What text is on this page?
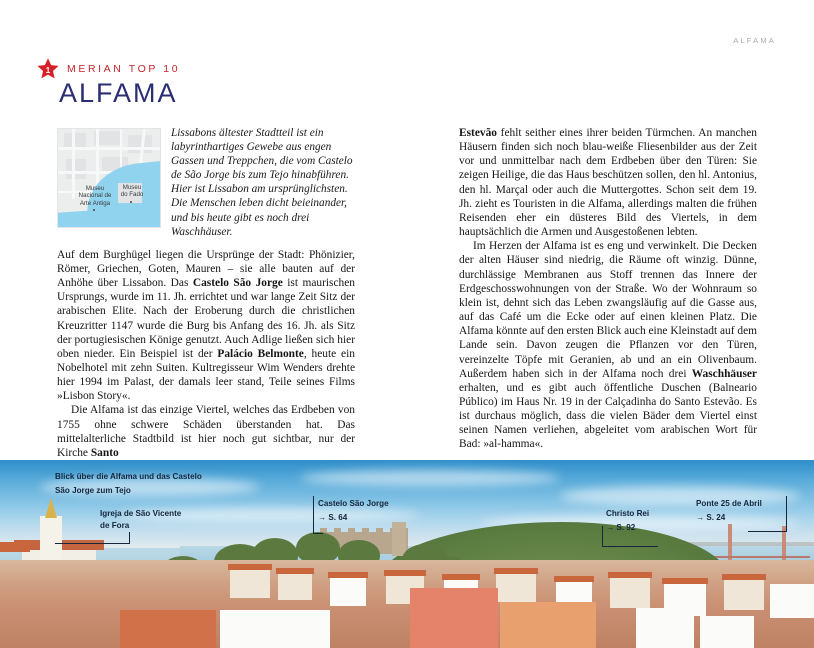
ALFAMA
1	MERIAN TOP 10
ALFAMA
Museu
Nacional de
Arte Antiga
Museu
do Fado

Lissabons ältester Stadtteil ist ein labyrinthartiges Gewebe aus engen Gassen und Treppchen, die vom Castelo de São Jorge bis zum Tejo hinabführen. Hier ist Lissabon am ursprünglichsten. Die Menschen leben dicht beieinander, und bis heute gibt es noch drei Waschhäuser.

Auf dem Burghügel liegen die Ursprünge der Stadt: Phönizier, Römer, Griechen, Goten, Mauren – sie alle bauten auf der Anhöhe über Lissabon. Das Castelo São Jorge ist maurischen Ursprungs, wurde im 11. Jh. errichtet und war lange Zeit Sitz der arabischen Elite. Nach der Eroberung durch die christlichen Kreuzritter 1147 wurde die Burg bis Anfang des 16. Jh. als Sitz der portugiesischen Könige genutzt. Auch Adlige ließen sich hier oben nieder. Ein Beispiel ist der Palácio Belmonte, heute ein Nobelhotel mit zehn Suiten. Kultregisseur Wim Wenders drehte hier 1994 im Palast, der damals leer stand, Teile seines Films »Lisbon Story«.

Die Alfama ist das einzige Viertel, welches das Erdbeben von 1755 ohne schwere Schäden überstanden hat. Das mittelalterliche Stadtbild ist hier noch gut sichtbar, nur der Kirche Santo

Estevão fehlt seither eines ihrer beiden Türmchen. An manchen Häusern finden sich noch blau-weiße Fliesenbilder aus der Zeit vor und unmittelbar nach dem Erdbeben über den Türen: Sie zeigen Heilige, die das Haus beschützen sollen, den hl. Antonius, den hl. Marçal oder auch die Muttergottes. Schon seit dem 19. Jh. zieht es Touristen in die Alfama, allerdings malten die frühen Reisenden eher ein düsteres Bild des Viertels, in dem hauptsächlich die Armen und Ausgestoßenen lebten.

Im Herzen der Alfama ist es eng und verwinkelt. Die Decken der alten Häuser sind niedrig, die Räume oft winzig. Dünne, durchlässige Membranen aus Stoff trennen das Innere der Erdgeschosswohnungen von der Straße. Wo der Wohnraum so klein ist, dehnt sich das Leben zwangsläufig auf die Gasse aus, auf das Café um die Ecke oder auf einen kleinen Platz. Die Alfama könnte auf den ersten Blick auch eine Kleinstadt auf dem Lande sein. Davon zeugen die Pflanzen vor den Türen, vereinzelte Töpfe mit Geranien, ab und an ein Olivenbaum. Außerdem haben sich in der Alfama noch drei Waschhäuser erhalten, und es gibt auch öffentliche Duschen (Balneario Público) im Haus Nr. 19 in der Calçadinha do Santo Estevão. Es ist durchaus möglich, dass die vielen Bäder dem Viertel einst seinen Namen verliehen, abgeleitet vom arabischen Wort für Bad: »al-hamma«.

Blick über die Alfama und das Castelo
São Jorge zum Tejo
Igreja de São Vicente
de Fora
Castelo São Jorge
→ S. 64	Christo Rei
→ S. 92
Ponte 25 de Abril
→ S. 24
